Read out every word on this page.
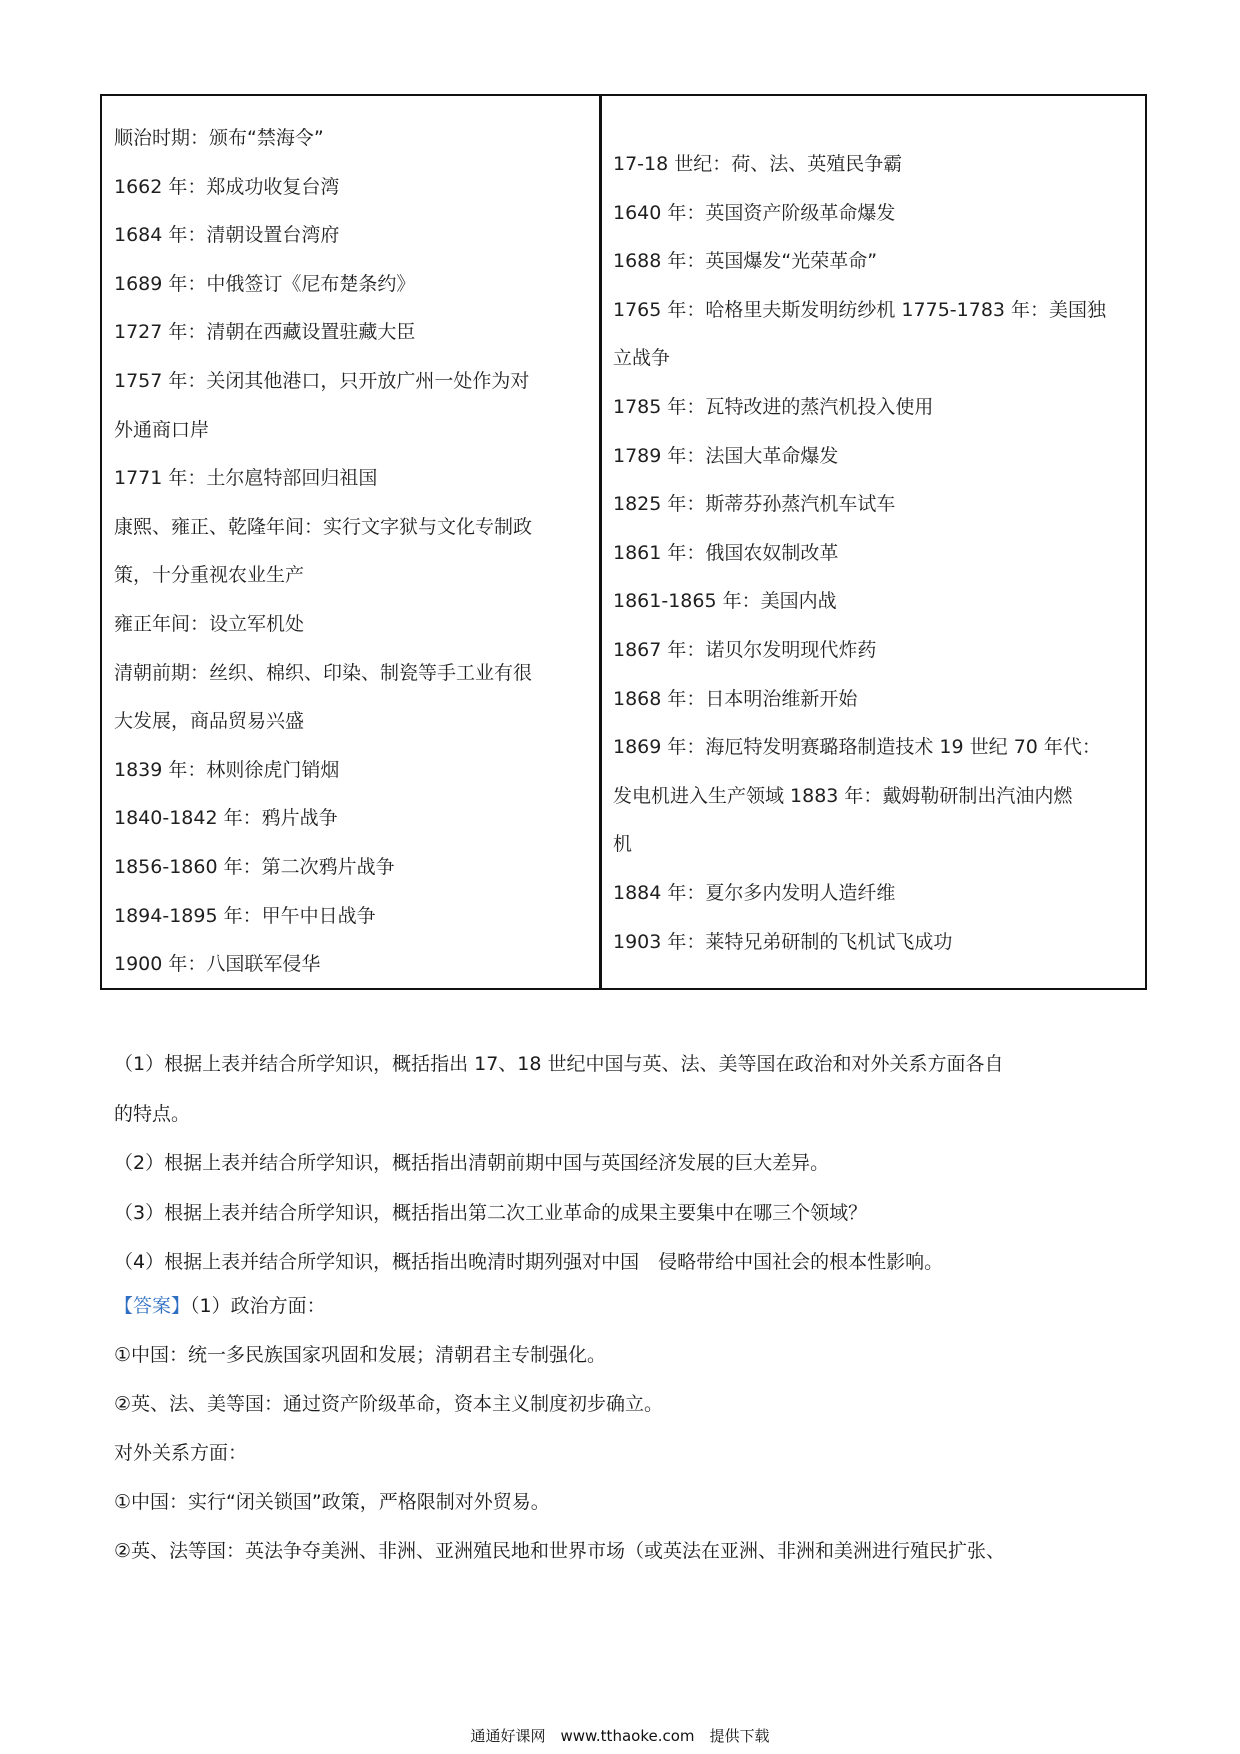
顺治时期：颁布“禁海令”

1662 年：郑成功收复台湾

1684 年：清朝设置台湾府

1689 年：中俄签订《尼布楚条约》

1727 年：清朝在西藏设置驻藏大臣

1757 年：关闭其他港口，只开放广州一处作为对

外通商口岸

1771 年：土尔扈特部回归祖国

康熙、雍正、乾隆年间：实行文字狱与文化专制政

策，十分重视农业生产

雍正年间：设立军机处

清朝前期：丝织、棉织、印染、制瓷等手工业有很

大发展，商品贸易兴盛

1839 年：林则徐虎门销烟

1840-1842 年：鸦片战争

1856-1860 年：第二次鸦片战争

1894-1895 年：甲午中日战争

1900 年：八国联军侵华

17-18 世纪：荷、法、英殖民争霸

1640 年：英国资产阶级革命爆发

1688 年：英国爆发“光荣革命”

1765 年：哈格里夫斯发明纺纱机 1775-1783 年：美国独

立战争

1785 年：瓦特改进的蒸汽机投入使用

1789 年：法国大革命爆发

1825 年：斯蒂芬孙蒸汽机车试车

1861 年：俄国农奴制改革

1861-1865 年：美国内战

1867 年：诺贝尔发明现代炸药

1868 年：日本明治维新开始

1869 年：海厄特发明赛璐珞制造技术 19 世纪 70 年代：

发电机进入生产领域 1883 年：戴姆勒研制出汽油内燃

机

1884 年：夏尔多内发明人造纤维

1903 年：莱特兄弟研制的飞机试飞成功

（1）根据上表并结合所学知识，概括指出 17、18 世纪中国与英、法、美等国在政治和对外关系方面各自

的特点。

（2）根据上表并结合所学知识，概括指出清朝前期中国与英国经济发展的巨大差异。

（3）根据上表并结合所学知识，概括指出第二次工业革命的成果主要集中在哪三个领域？

（4）根据上表并结合所学知识，概括指出晚清时期列强对中国　侵略带给中国社会的根本性影响。

【答案】（1）政治方面：

①中国：统一多民族国家巩固和发展；清朝君主专制强化。

②英、法、美等国：通过资产阶级革命，资本主义制度初步确立。

对外关系方面：

①中国：实行“闭关锁国”政策，严格限制对外贸易。

②英、法等国：英法争夺美洲、非洲、亚洲殖民地和世界市场（或英法在亚洲、非洲和美洲进行殖民扩张、

通通好课网　www.tthaoke.com　提供下载
